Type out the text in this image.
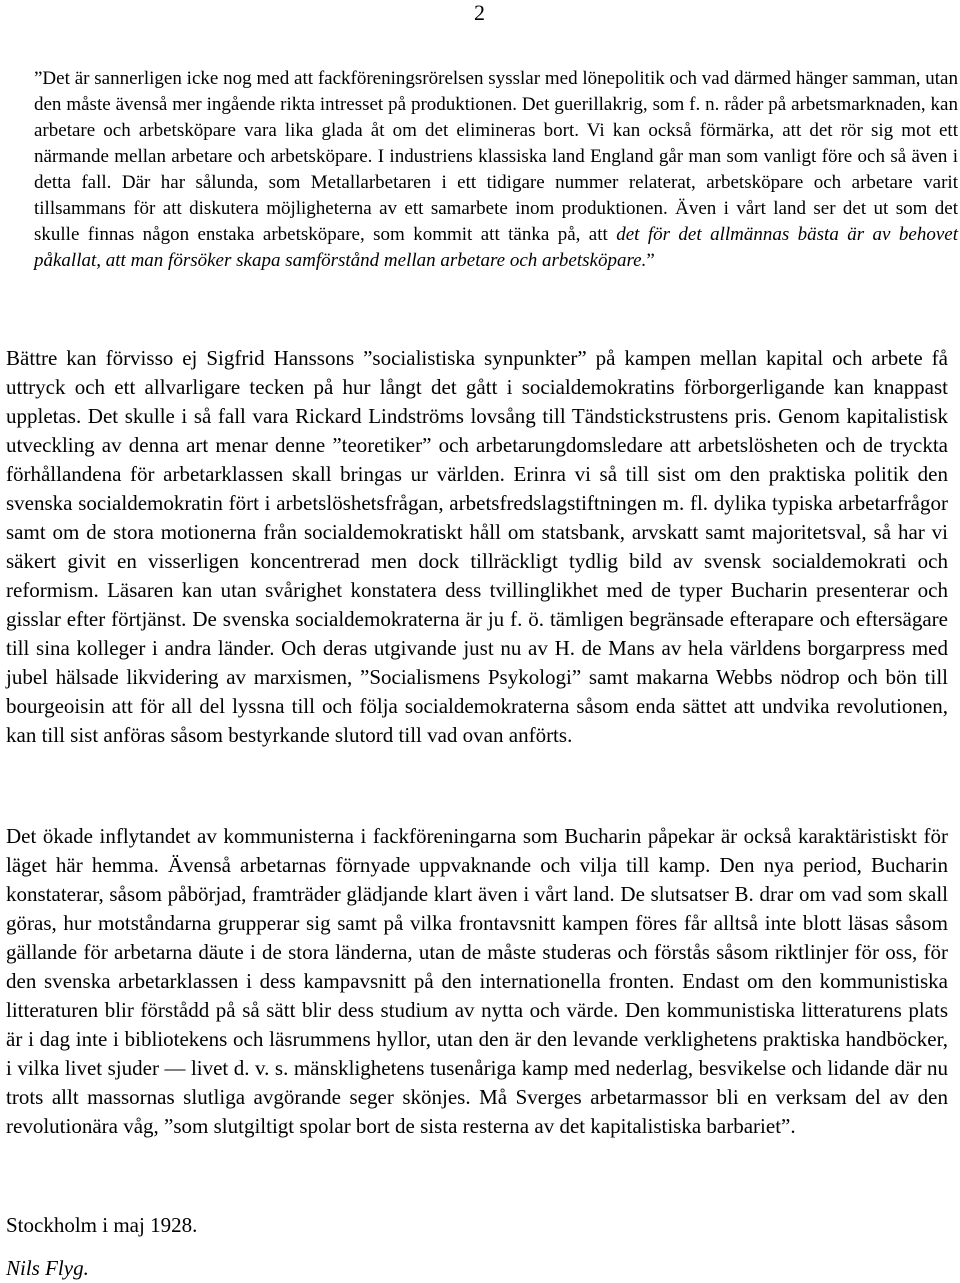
2

”Det är sannerligen icke nog med att fackföreningsrörelsen sysslar med lönepolitik och vad därmed hänger samman, utan den måste ävenså mer ingående rikta intresset på produktionen. Det guerillakrig, som f. n. råder på arbetsmarknaden, kan arbetare och arbetsköpare vara lika glada åt om det elimineras bort. Vi kan också förmärka, att det rör sig mot ett närmande mellan arbetare och arbetsköpare. I industriens klassiska land England går man som vanligt före och så även i detta fall. Där har sålunda, som Metallarbetaren i ett tidigare nummer relaterat, arbetsköpare och arbetare varit tillsammans för att diskutera möjligheterna av ett samarbete inom produktionen. Även i vårt land ser det ut som det skulle finnas någon enstaka arbetsköpare, som kommit att tänka på, att det för det allmännas bästa är av behovet påkallat, att man försöker skapa samförstånd mellan arbetare och arbetsköpare.”

Bättre kan förvisso ej Sigfrid Hanssons ”socialistiska synpunkter” på kampen mellan kapital och arbete få uttryck och ett allvarligare tecken på hur långt det gått i socialdemokratins förborgerligande kan knappast uppletas. Det skulle i så fall vara Rickard Lindströms lovsång till Tändstickstrustens pris. Genom kapitalistisk utveckling av denna art menar denne ”teoretiker” och arbetarungdomsledare att arbetslösheten och de tryckta förhållandena för arbetarklassen skall bringas ur världen. Erinra vi så till sist om den praktiska politik den svenska socialdemokratin fört i arbetslöshetsfrågan, arbetsfredslagstiftningen m. fl. dylika typiska arbetarfrågor samt om de stora motionerna från socialdemokratiskt håll om statsbank, arvskatt samt majoritetsval, så har vi säkert givit en visserligen koncentrerad men dock tillräckligt tydlig bild av svensk socialdemokrati och reformism. Läsaren kan utan svårighet konstatera dess tvillinglikhet med de typer Bucharin presenterar och gisslar efter förtjänst. De svenska socialdemokraterna är ju f. ö. tämligen begränsade efterapare och eftersägare till sina kolleger i andra länder. Och deras utgivande just nu av H. de Mans av hela världens borgarpress med jubel hälsade likvidering av marxismen, ”Socialismens Psykologi” samt makarna Webbs nödrop och bön till bourgeoisin att för all del lyssna till och följa socialdemokraterna såsom enda sättet att undvika revolutionen, kan till sist anföras såsom bestyrkande slutord till vad ovan anförts.

Det ökade inflytandet av kommunisterna i fackföreningarna som Bucharin påpekar är också karaktäristiskt för läget här hemma. Ävenså arbetarnas förnyade uppvaknande och vilja till kamp. Den nya period, Bucharin konstaterar, såsom påbörjad, framträder glädjande klart även i vårt land. De slutsatser B. drar om vad som skall göras, hur motståndarna grupperar sig samt på vilka frontavsnitt kampen föres får alltså inte blott läsas såsom gällande för arbetarna däute i de stora länderna, utan de måste studeras och förstås såsom riktlinjer för oss, för den svenska arbetarklassen i dess kampavsnitt på den internationella fronten. Endast om den kommunistiska litteraturen blir förstådd på så sätt blir dess studium av nytta och värde. Den kommunistiska litteraturens plats är i dag inte i bibliotekens och läsrummens hyllor, utan den är den levande verklighetens praktiska handböcker, i vilka livet sjuder — livet d. v. s. mänsklighetens tusenåriga kamp med nederlag, besvikelse och lidande där nu trots allt massornas slutliga avgörande seger skönjes. Må Sverges arbetarmassor bli en verksam del av den revolutionära våg, ”som slutgiltigt spolar bort de sista resterna av det kapitalistiska barbariet”.

Stockholm i maj 1928.

Nils Flyg.
